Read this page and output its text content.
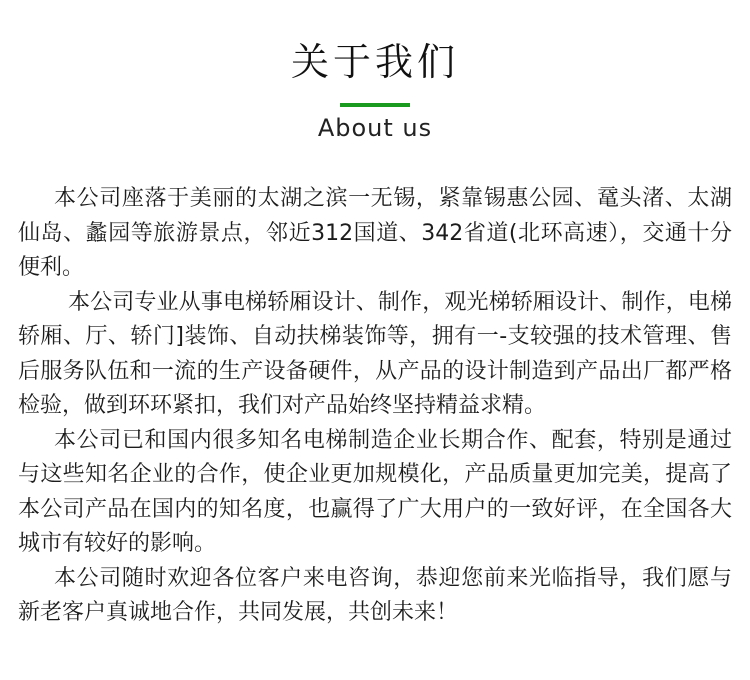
关于我们
About us

本公司座落于美丽的太湖之滨一无锡，紧靠锡惠公园、鼋头渚、太湖仙岛、蠡园等旅游景点，邻近312国道、342省道(北环高速），交通十分便利。

本公司专业从事电梯轿厢设计、制作，观光梯轿厢设计、制作，电梯轿厢、厅、轿门]装饰、自动扶梯装饰等，拥有一-支较强的技术管理、售后服务队伍和一流的生产设备硬件，从产品的设计制造到产品出厂都严格检验，做到环环紧扣，我们对产品始终坚持精益求精。

本公司已和国内很多知名电梯制造企业长期合作、配套，特别是通过与这些知名企业的合作，使企业更加规模化，产品质量更加完美，提高了本公司产品在国内的知名度，也赢得了广大用户的一致好评，在全国各大城市有较好的影响。

本公司随时欢迎各位客户来电咨询，恭迎您前来光临指导，我们愿与新老客户真诚地合作，共同发展，共创未来！
